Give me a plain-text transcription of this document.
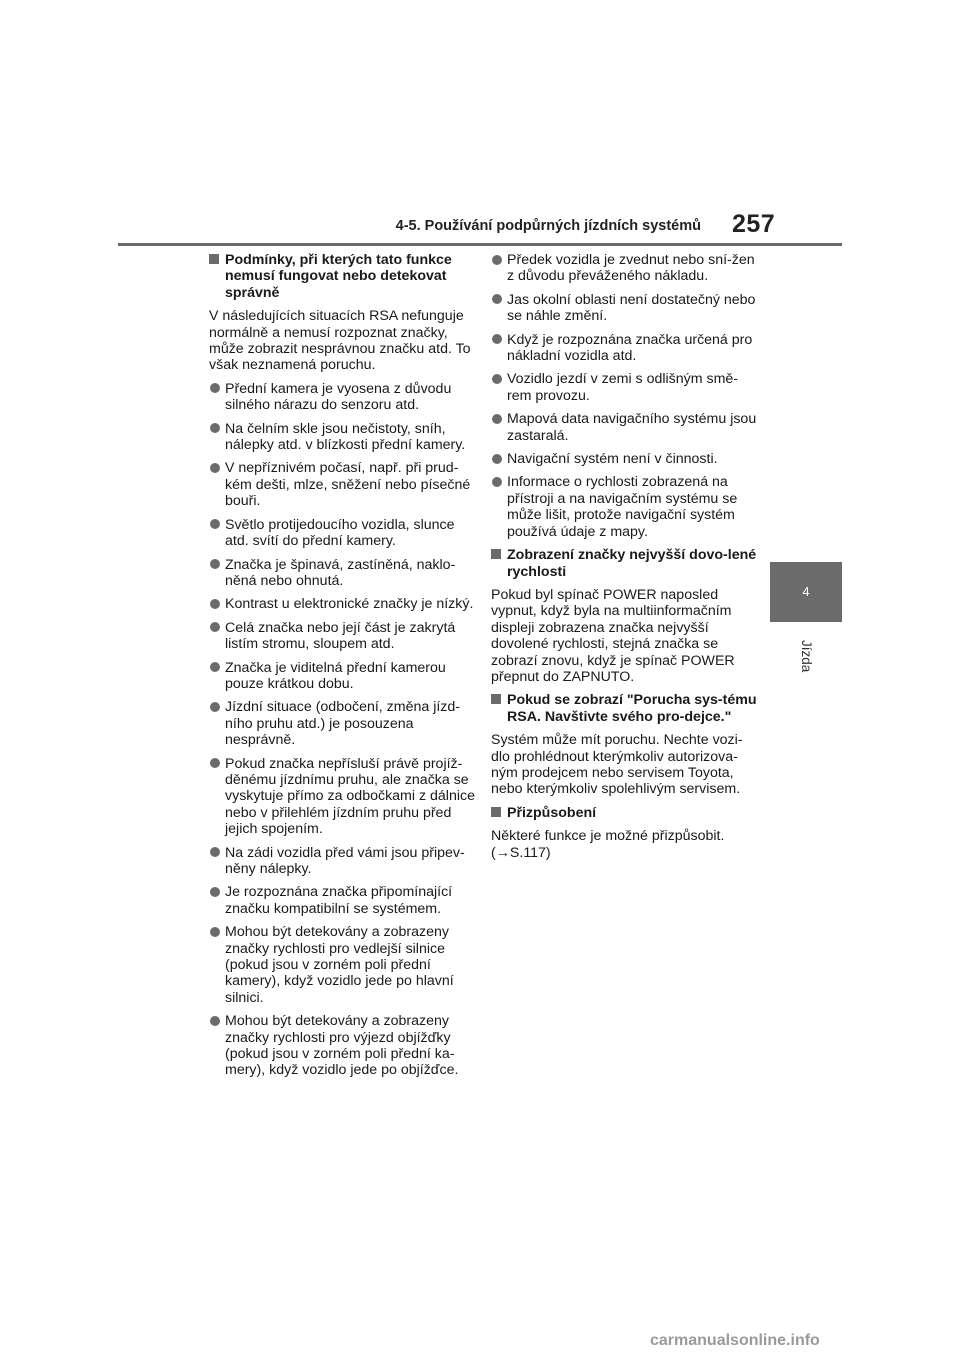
4-5. Používání podpůrných jízdních systémů 257
4
Jízda
Podmínky, při kterých tato funkce nemusí fungovat nebo detekovat správně
V následujících situacích RSA nefunguje normálně a nemusí rozpoznat značky, může zobrazit nesprávnou značku atd. To však neznamená poruchu.
Přední kamera je vyosena z důvodu silného nárazu do senzoru atd.
Na čelním skle jsou nečistoty, sníh, nálepky atd. v blízkosti přední kamery.
V nepříznivém počasí, např. při prud-kém dešti, mlze, sněžení nebo písečné bouři.
Světlo protijedoucího vozidla, slunce atd. svítí do přední kamery.
Značka je špinavá, zastíněná, naklo-něná nebo ohnutá.
Kontrast u elektronické značky je nízký.
Celá značka nebo její část je zakrytá listím stromu, sloupem atd.
Značka je viditelná přední kamerou pouze krátkou dobu.
Jízdní situace (odbočení, změna jízd-ního pruhu atd.) je posouzena nesprávně.
Pokud značka nepřísluší právě projíž-děnému jízdnímu pruhu, ale značka se vyskytuje přímo za odbočkami z dálnice nebo v přilehlém jízdním pruhu před jejich spojením.
Na zádi vozidla před vámi jsou připev-něny nálepky.
Je rozpoznána značka připomínající značku kompatibilní se systémem.
Mohou být detekovány a zobrazeny značky rychlosti pro vedlejší silnice (pokud jsou v zorném poli přední kamery), když vozidlo jede po hlavní silnici.
Mohou být detekovány a zobrazeny značky rychlosti pro výjezd objížďky (pokud jsou v zorném poli přední ka-mery), když vozidlo jede po objížďce.
Předek vozidla je zvednut nebo sní-žen z důvodu převáženého nákladu.
Jas okolní oblasti není dostatečný nebo se náhle změní.
Když je rozpoznána značka určená pro nákladní vozidla atd.
Vozidlo jezdí v zemi s odlišným smě-rem provozu.
Mapová data navigačního systému jsou zastaralá.
Navigační systém není v činnosti.
Informace o rychlosti zobrazená na přístroji a na navigačním systému se může lišit, protože navigační systém používá údaje z mapy.
Zobrazení značky nejvyšší dovo-lené rychlosti
Pokud byl spínač POWER naposled vypnut, když byla na multiinformačním displeji zobrazena značka nejvyšší dovolené rychlosti, stejná značka se zobrazí znovu, když je spínač POWER přepnut do ZAPNUTO.
Pokud se zobrazí "Porucha sys-tému RSA. Navštivte svého pro-dejce."
Systém může mít poruchu. Nechte vozi-dlo prohlédnout kterýmkoliv autorizova-ným prodejcem nebo servisem Toyota, nebo kterýmkoliv spolehlivým servisem.
Přizpůsobení
Některé funkce je možné přizpůsobit. (→S.117)
carmanualsonline.info
